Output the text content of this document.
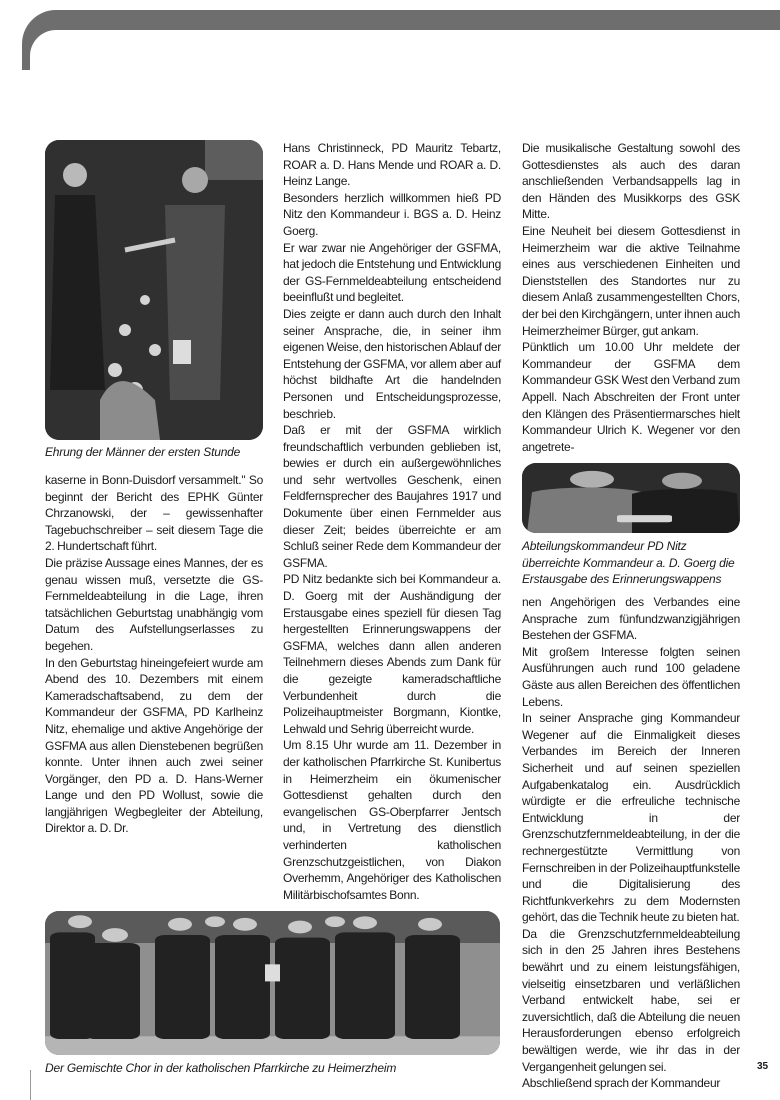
Ehrung der Männer der ersten Stunde

kaserne in Bonn-Duisdorf versammelt." So beginnt der Bericht des EPHK Günter Chrzanowski, der – gewissenhafter Tagebuchschreiber – seit diesem Tage die 2. Hundertschaft führt.

Die präzise Aussage eines Mannes, der es genau wissen muß, versetzte die GS-Fernmeldeabteilung in die Lage, ihren tatsächlichen Geburtstag unabhängig vom Datum des Aufstellungserlasses zu begehen.

In den Geburtstag hineingefeiert wurde am Abend des 10. Dezembers mit einem Kameradschaftsabend, zu dem der Kommandeur der GSFMA, PD Karlheinz Nitz, ehemalige und aktive Angehörige der GSFMA aus allen Dienstebenen begrüßen konnte. Unter ihnen auch zwei seiner Vorgänger, den PD a. D. Hans-Werner Lange und den PD Wollust, sowie die langjährigen Wegbegleiter der Abteilung, Direktor a. D. Dr.

Hans Christinneck, PD Mauritz Tebartz, ROAR a. D. Hans Mende und ROAR a. D. Heinz Lange.

Besonders herzlich willkommen hieß PD Nitz den Kommandeur i. BGS a. D. Heinz Goerg.

Er war zwar nie Angehöriger der GSFMA, hat jedoch die Entstehung und Entwicklung der GS-Fernmeldeabteilung entscheidend beeinflußt und begleitet.

Dies zeigte er dann auch durch den Inhalt seiner Ansprache, die, in seiner ihm eigenen Weise, den historischen Ablauf der Entstehung der GSFMA, vor allem aber auf höchst bildhafte Art die handelnden Personen und Entscheidungsprozesse, beschrieb.

Daß er mit der GSFMA wirklich freundschaftlich verbunden geblieben ist, bewies er durch ein außergewöhnliches und sehr wertvolles Geschenk, einen Feldfernsprecher des Baujahres 1917 und Dokumente über einen Fernmelder aus dieser Zeit; beides überreichte er am Schluß seiner Rede dem Kommandeur der GSFMA.

PD Nitz bedankte sich bei Kommandeur a. D. Goerg mit der Aushändigung der Erstausgabe eines speziell für diesen Tag hergestellten Erinnerungswappens der GSFMA, welches dann allen anderen Teilnehmern dieses Abends zum Dank für die gezeigte kameradschaftliche Verbundenheit durch die Polizeihauptmeister Borgmann, Kiontke, Lehwald und Sehrig überreicht wurde.

Um 8.15 Uhr wurde am 11. Dezember in der katholischen Pfarrkirche St. Kunibertus in Heimerzheim ein ökumenischer Gottesdienst gehalten durch den evangelischen GS-Oberpfarrer Jentsch und, in Vertretung des dienstlich verhinderten katholischen Grenzschutzgeistlichen, von Diakon Overhemm, Angehöriger des Katholischen Militärbischofsamtes Bonn.

Die musikalische Gestaltung sowohl des Gottesdienstes als auch des daran anschließenden Verbandsappells lag in den Händen des Musikkorps des GSK Mitte.

Eine Neuheit bei diesem Gottesdienst in Heimerzheim war die aktive Teilnahme eines aus verschiedenen Einheiten und Dienststellen des Standortes nur zu diesem Anlaß zusammengestellten Chors, der bei den Kirchgängern, unter ihnen auch Heimerzheimer Bürger, gut ankam.

Pünktlich um 10.00 Uhr meldete der Kommandeur der GSFMA dem Kommandeur GSK West den Verband zum Appell. Nach Abschreiten der Front unter den Klängen des Präsentiermarsches hielt Kommandeur Ulrich K. Wegener vor den angetrete-

Abteilungskommandeur PD Nitz überreichte Kommandeur a. D. Goerg die Erstausgabe des Erinnerungswappens

nen Angehörigen des Verbandes eine Ansprache zum fünfundzwanzigjährigen Bestehen der GSFMA.

Mit großem Interesse folgten seinen Ausführungen auch rund 100 geladene Gäste aus allen Bereichen des öffentlichen Lebens.

In seiner Ansprache ging Kommandeur Wegener auf die Einmaligkeit dieses Verbandes im Bereich der Inneren Sicherheit und auf seinen speziellen Aufgabenkatalog ein. Ausdrücklich würdigte er die erfreuliche technische Entwicklung in der Grenzschutzfernmeldeabteilung, in der die rechnergestützte Vermittlung von Fernschreiben in der Polizeihauptfunkstelle und die Digitalisierung des Richtfunkverkehrs zu dem Modernsten gehört, das die Technik heute zu bieten hat.

Da die Grenzschutzfernmeldeabteilung sich in den 25 Jahren ihres Bestehens bewährt und zu einem leistungsfähigen, vielseitig einsetzbaren und verläßlichen Verband entwickelt habe, sei er zuversichtlich, daß die Abteilung die neuen Herausforderungen ebenso erfolgreich bewältigen werde, wie ihr das in der Vergangenheit gelungen sei.

Abschließend sprach der Kommandeur

Der Gemischte Chor in der katholischen Pfarrkirche zu Heimerzheim	35
